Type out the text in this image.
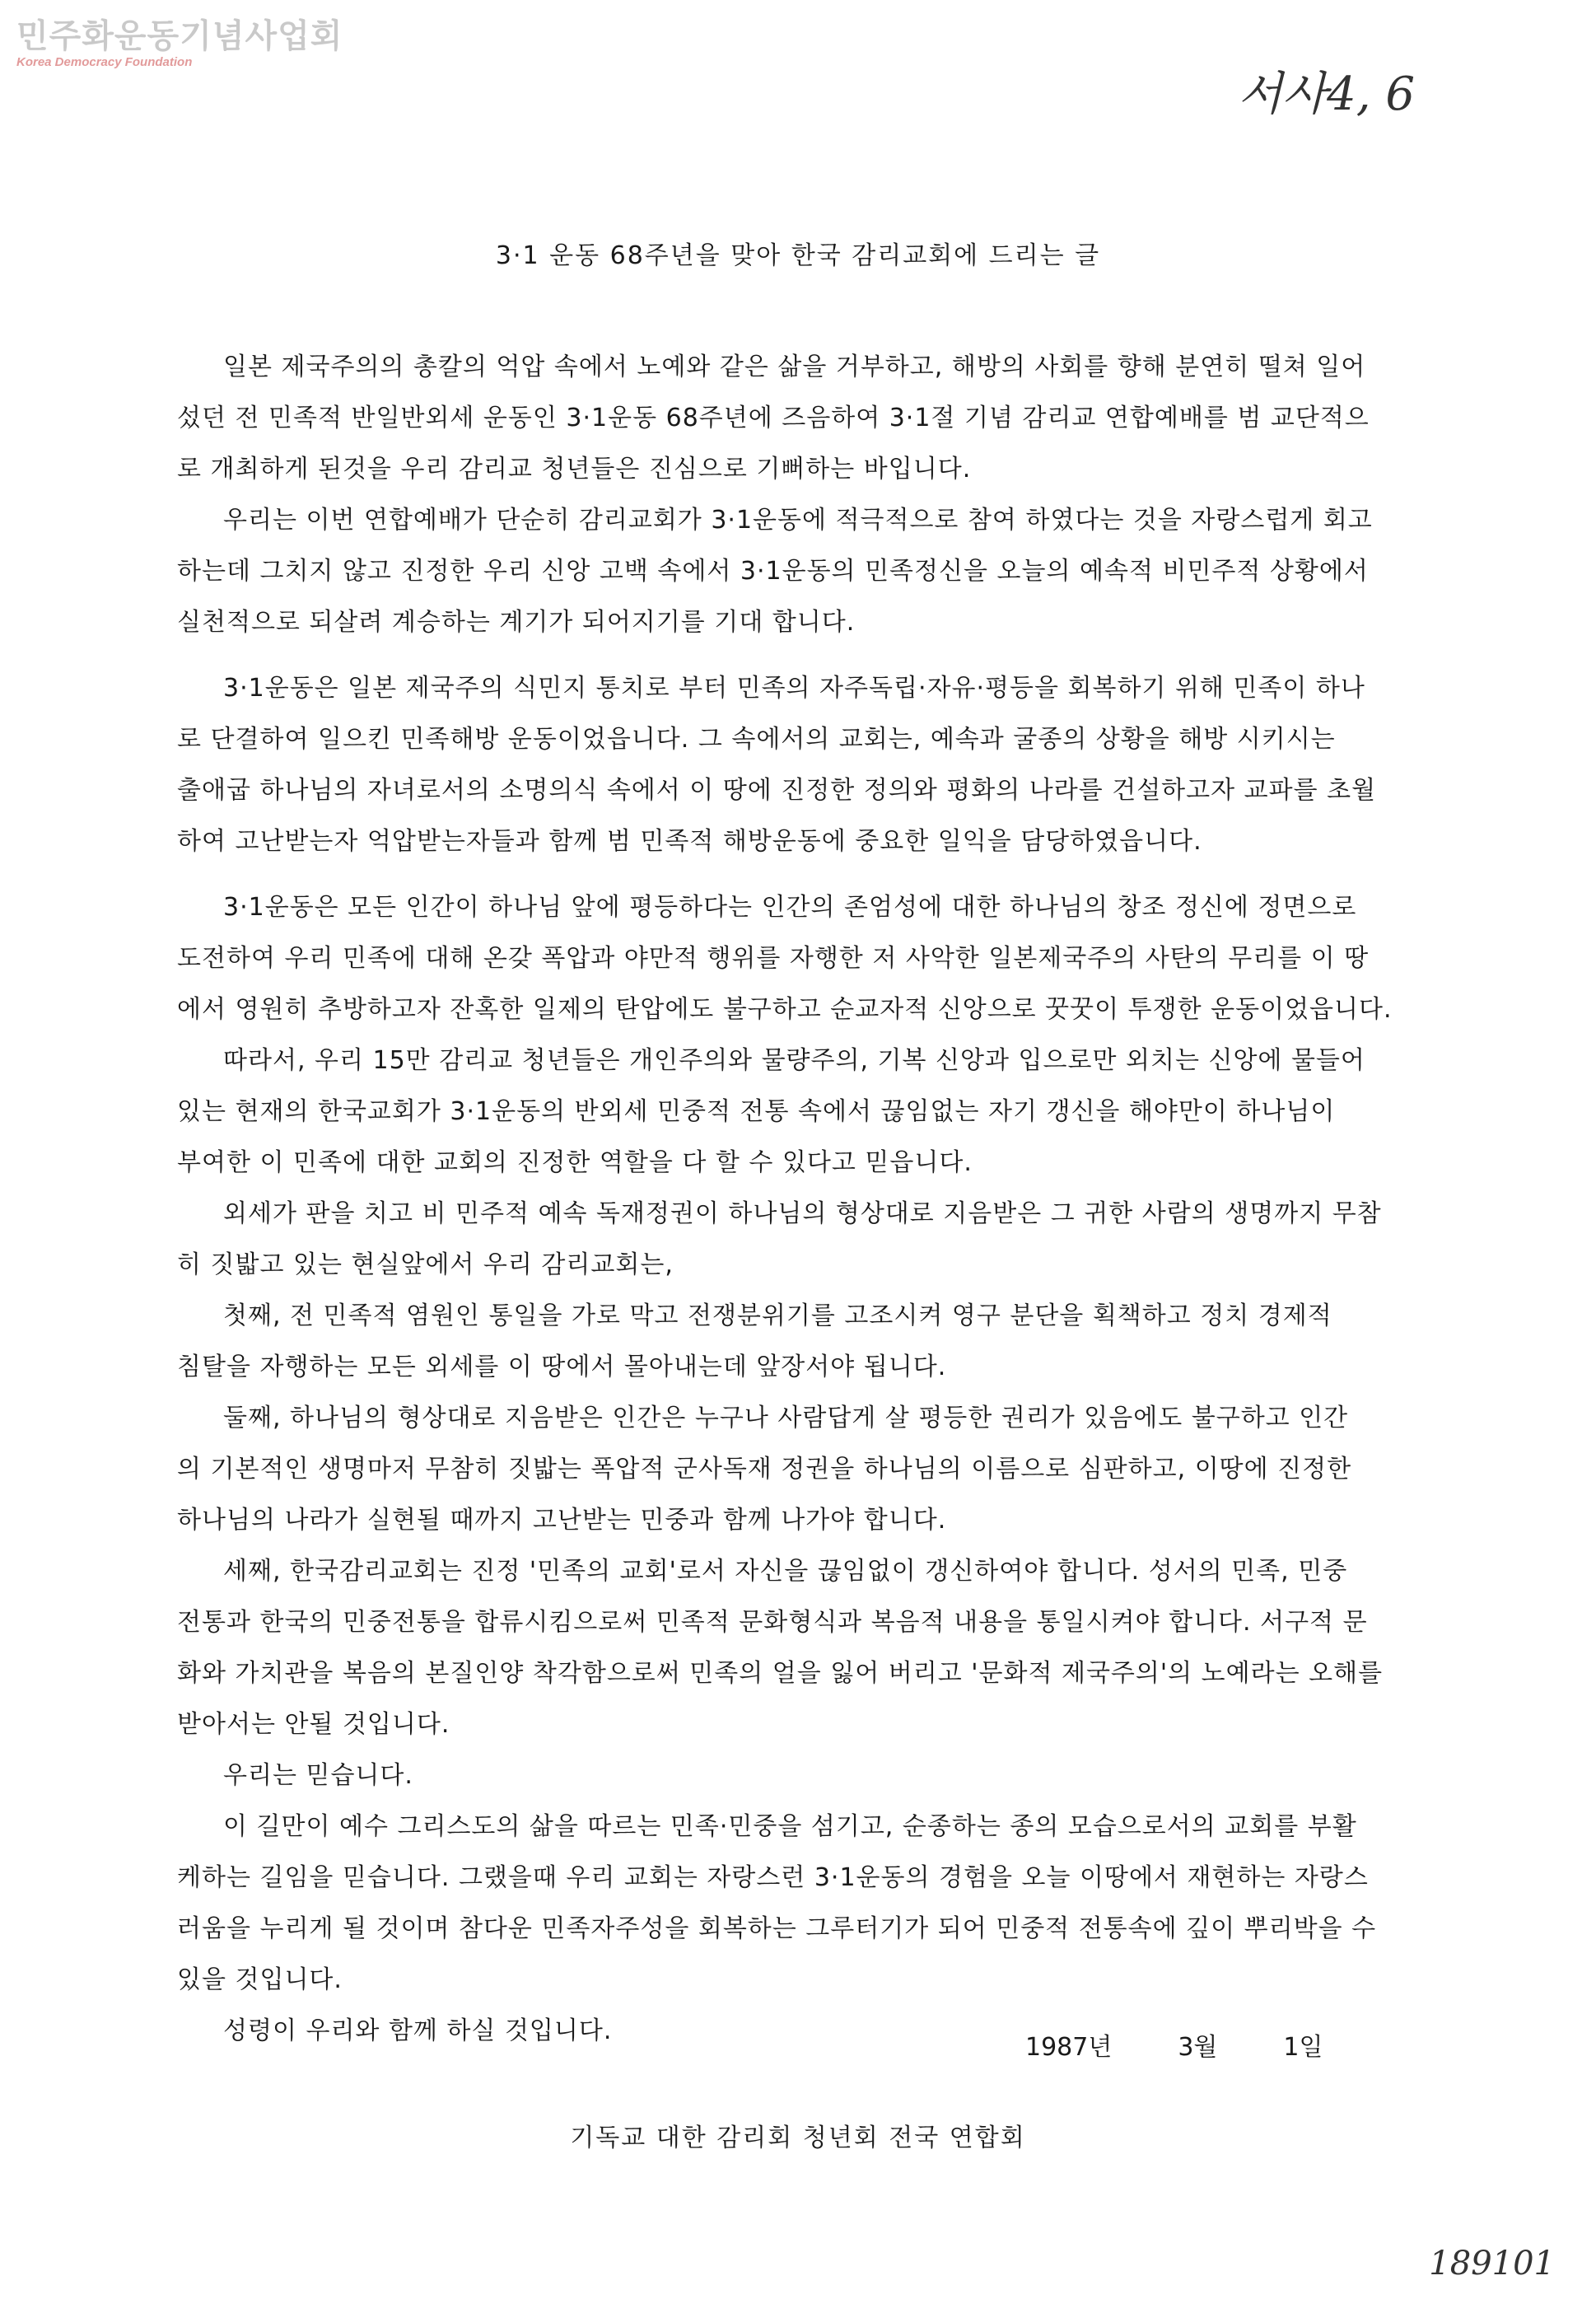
민주화운동기념사업회
Korea Democracy Foundation
서사4, 6
3·1 운동 68주년을 맞아 한국 감리교회에 드리는 글
일본 제국주의의 총칼의 억압 속에서 노예와 같은 삶을 거부하고, 해방의 사회를 향해 분연히 떨쳐 일어
섰던 전 민족적 반일반외세 운동인 3·1운동 68주년에 즈음하여 3·1절 기념 감리교 연합예배를 범 교단적으
로 개최하게 된것을 우리 감리교 청년들은 진심으로 기뻐하는 바입니다.
우리는 이번 연합예배가 단순히 감리교회가 3·1운동에 적극적으로 참여 하였다는 것을 자랑스럽게 회고
하는데 그치지 않고 진정한 우리 신앙 고백 속에서 3·1운동의 민족정신을 오늘의 예속적 비민주적 상황에서
실천적으로 되살려 계승하는 계기가 되어지기를 기대 합니다.
3·1운동은 일본 제국주의 식민지 통치로 부터 민족의 자주독립·자유·평등을 회복하기 위해 민족이 하나
로 단결하여 일으킨 민족해방 운동이었읍니다. 그 속에서의 교회는, 예속과 굴종의 상황을 해방 시키시는
출애굽 하나님의 자녀로서의 소명의식 속에서 이 땅에 진정한 정의와 평화의 나라를 건설하고자 교파를 초월
하여 고난받는자 억압받는자들과 함께 범 민족적 해방운동에 중요한 일익을 담당하였읍니다.
3·1운동은 모든 인간이 하나님 앞에 평등하다는 인간의 존엄성에 대한 하나님의 창조 정신에 정면으로
도전하여 우리 민족에 대해 온갖 폭압과 야만적 행위를 자행한 저 사악한 일본제국주의 사탄의 무리를 이 땅
에서 영원히 추방하고자 잔혹한 일제의 탄압에도 불구하고 순교자적 신앙으로 꿋꿋이 투쟁한 운동이었읍니다.
따라서, 우리 15만 감리교 청년들은 개인주의와 물량주의, 기복 신앙과 입으로만 외치는 신앙에 물들어
있는 현재의 한국교회가 3·1운동의 반외세 민중적 전통 속에서 끊임없는 자기 갱신을 해야만이 하나님이
부여한 이 민족에 대한 교회의 진정한 역할을 다 할 수 있다고 믿읍니다.
외세가 판을 치고 비 민주적 예속 독재정권이 하나님의 형상대로 지음받은 그 귀한 사람의 생명까지 무참
히 짓밟고 있는 현실앞에서 우리 감리교회는,
첫째, 전 민족적 염원인 통일을 가로 막고 전쟁분위기를 고조시켜 영구 분단을 획책하고 정치 경제적
침탈을 자행하는 모든 외세를 이 땅에서 몰아내는데 앞장서야 됩니다.
둘째, 하나님의 형상대로 지음받은 인간은 누구나 사람답게 살 평등한 권리가 있음에도 불구하고 인간
의 기본적인 생명마저 무참히 짓밟는 폭압적 군사독재 정권을 하나님의 이름으로 심판하고, 이땅에 진정한
하나님의 나라가 실현될 때까지 고난받는 민중과 함께 나가야 합니다.
세째, 한국감리교회는 진정 '민족의 교회'로서 자신을 끊임없이 갱신하여야 합니다. 성서의 민족, 민중
전통과 한국의 민중전통을 합류시킴으로써 민족적 문화형식과 복음적 내용을 통일시켜야 합니다. 서구적 문
화와 가치관을 복음의 본질인양 착각함으로써 민족의 얼을 잃어 버리고 '문화적 제국주의'의 노예라는 오해를
받아서는 안될 것입니다.
우리는 믿습니다.
이 길만이 예수 그리스도의 삶을 따르는 민족·민중을 섬기고, 순종하는 종의 모습으로서의 교회를 부활
케하는 길임을 믿습니다. 그랬을때 우리 교회는 자랑스런 3·1운동의 경험을 오늘 이땅에서 재현하는 자랑스
러움을 누리게 될 것이며 참다운 민족자주성을 회복하는 그루터기가 되어 민중적 전통속에 깊이 뿌리박을 수
있을 것입니다.
성령이 우리와 함께 하실 것입니다.
1987년	3월	1일
기독교 대한 감리회 청년회 전국 연합회
189101
